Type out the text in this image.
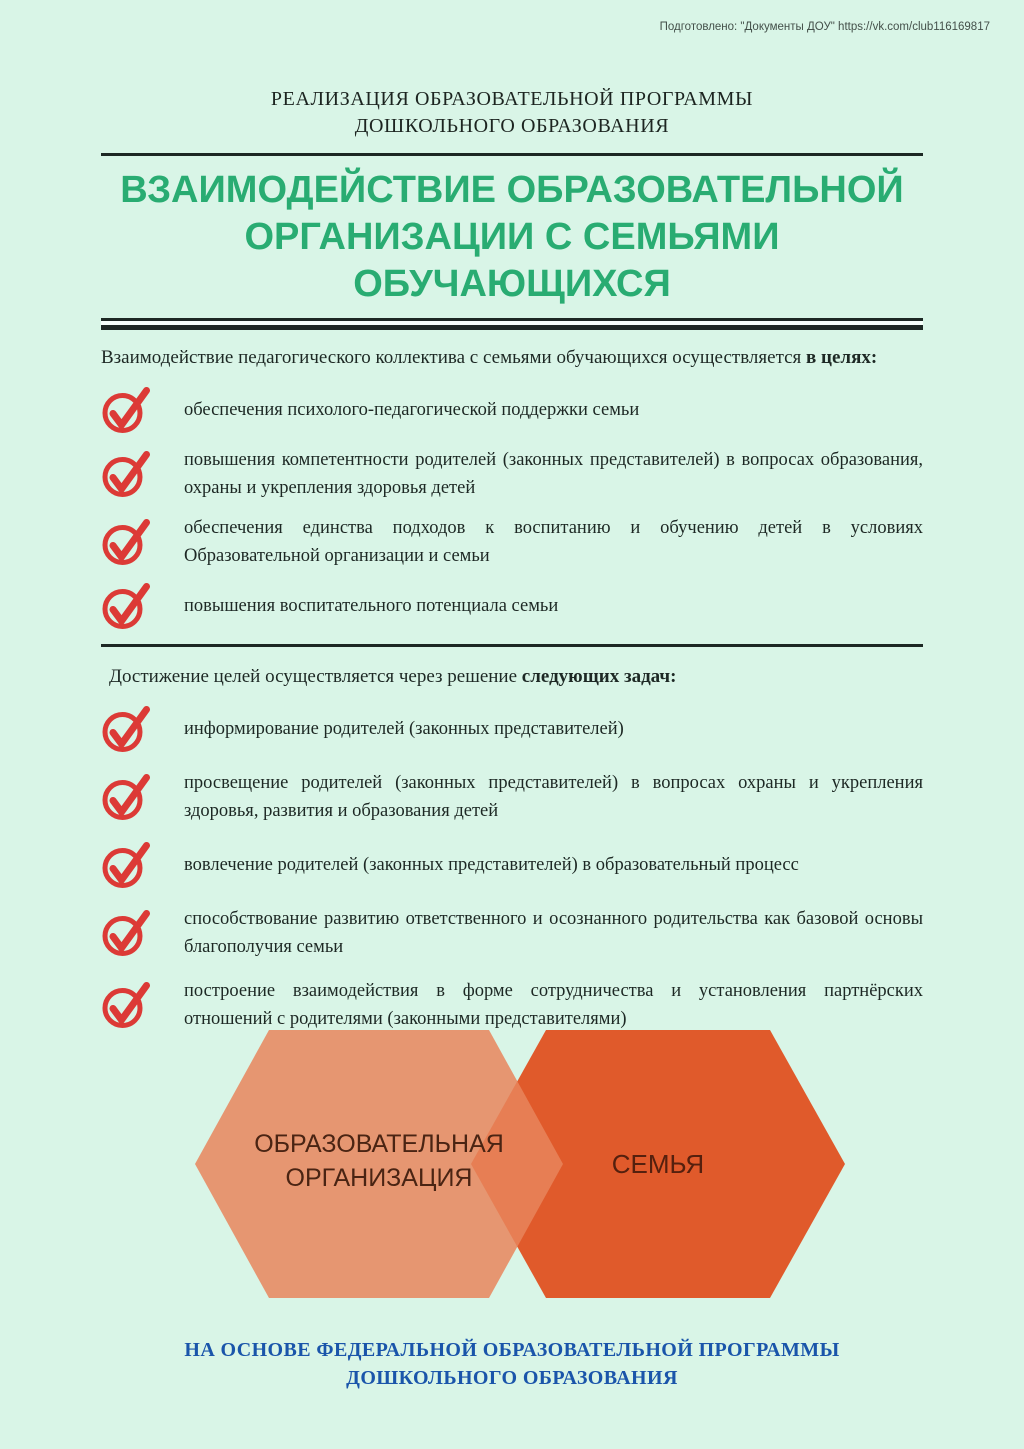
Подготовлено: "Документы ДОУ" https://vk.com/club116169817
РЕАЛИЗАЦИЯ ОБРАЗОВАТЕЛЬНОЙ ПРОГРАММЫ
ДОШКОЛЬНОГО ОБРАЗОВАНИЯ
ВЗАИМОДЕЙСТВИЕ ОБРАЗОВАТЕЛЬНОЙ
ОРГАНИЗАЦИИ С СЕМЬЯМИ ОБУЧАЮЩИХСЯ

Взаимодействие педагогического коллектива с семьями обучающихся осуществляется в целях:

обеспечения психолого-педагогической поддержки семьи
повышения компетентности родителей (законных представителей) в вопросах образования, охраны и укрепления здоровья детей
обеспечения единства подходов к воспитанию и обучению детей в условиях Образовательной организации и семьи
повышения воспитательного потенциала семьи

Достижение целей осуществляется через решение следующих задач:

информирование родителей (законных представителей)
просвещение родителей (законных представителей) в вопросах охраны и укрепления здоровья, развития и образования детей
вовлечение родителей (законных представителей) в образовательный процесс
способствование развитию ответственного и осознанного родительства как базовой основы благополучия семьи
построение взаимодействия в форме сотрудничества и установления партнёрских отношений с родителями (законными представителями)
ОБРАЗОВАТЕЛЬНАЯ
ОРГАНИЗАЦИЯ	СЕМЬЯ
НА ОСНОВЕ ФЕДЕРАЛЬНОЙ ОБРАЗОВАТЕЛЬНОЙ ПРОГРАММЫ
ДОШКОЛЬНОГО ОБРАЗОВАНИЯ
